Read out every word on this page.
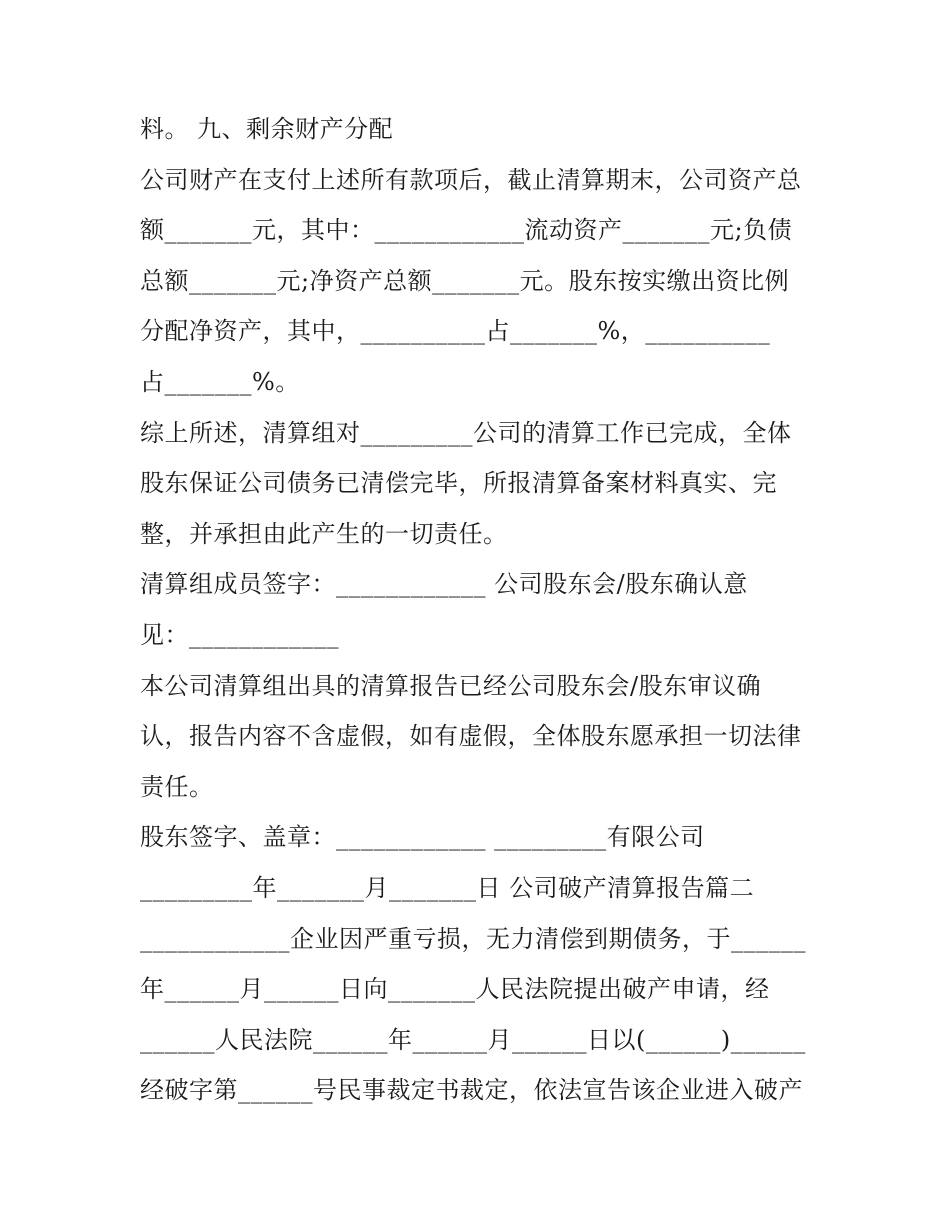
料。 九、剩余财产分配
公司财产在支付上述所有款项后，截止清算期末，公司资产总
额_______元，其中：____________流动资产_______元;负债
总额_______元;净资产总额_______元。股东按实缴出资比例
分配净资产，其中，__________占_______%，__________
占_______%。
综上所述，清算组对_________公司的清算工作已完成，全体
股东保证公司债务已清偿完毕，所报清算备案材料真实、完
整，并承担由此产生的一切责任。
清算组成员签字：____________ 公司股东会/股东确认意
见：____________
本公司清算组出具的清算报告已经公司股东会/股东审议确
认，报告内容不含虚假，如有虚假，全体股东愿承担一切法律
责任。
股东签字、盖章：____________ _________有限公司
_________年_______月_______日 公司破产清算报告篇二
____________企业因严重亏损，无力清偿到期债务，于______
年______月______日向_______人民法院提出破产申请，经
______人民法院______年______月______日以(______)______
经破字第______号民事裁定书裁定，依法宣告该企业进入破产
